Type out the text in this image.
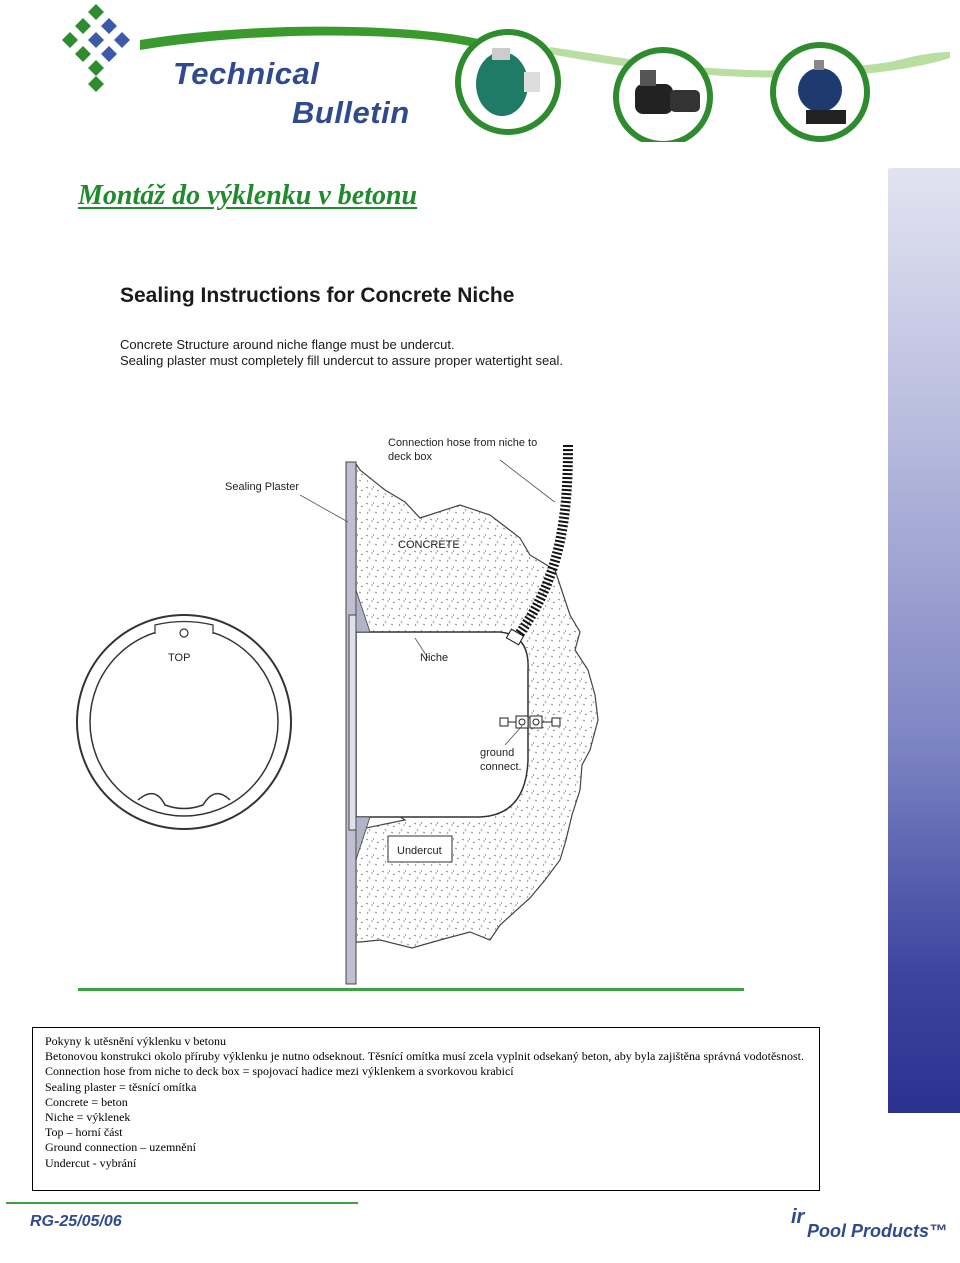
Technical
Bulletin
Montáž do výklenku v betonu
Sealing Instructions for Concrete Niche
Concrete Structure around niche flange must be undercut.
Sealing plaster must completely fill undercut to assure proper watertight seal.
Connection hose from niche to
deck box
Sealing Plaster
CONCRETE
TOP	Niche
ground
connect.
Undercut
Pokyny k utěsnění výklenku v betonu
Betonovou konstrukci okolo příruby výklenku je nutno odseknout. Těsnící omítka musí zcela vyplnit odsekaný beton, aby byla zajištěna správná vodotěsnost.
Connection hose from niche to deck box = spojovací hadice mezi výklenkem a svorkovou krabicí
Sealing plaster = těsnící omítka
Concrete = beton
Niche = výklenek
Top – horní část
Ground connection – uzemnění
Undercut - vybrání
RG-25/05/06	ir
Pool Products™
